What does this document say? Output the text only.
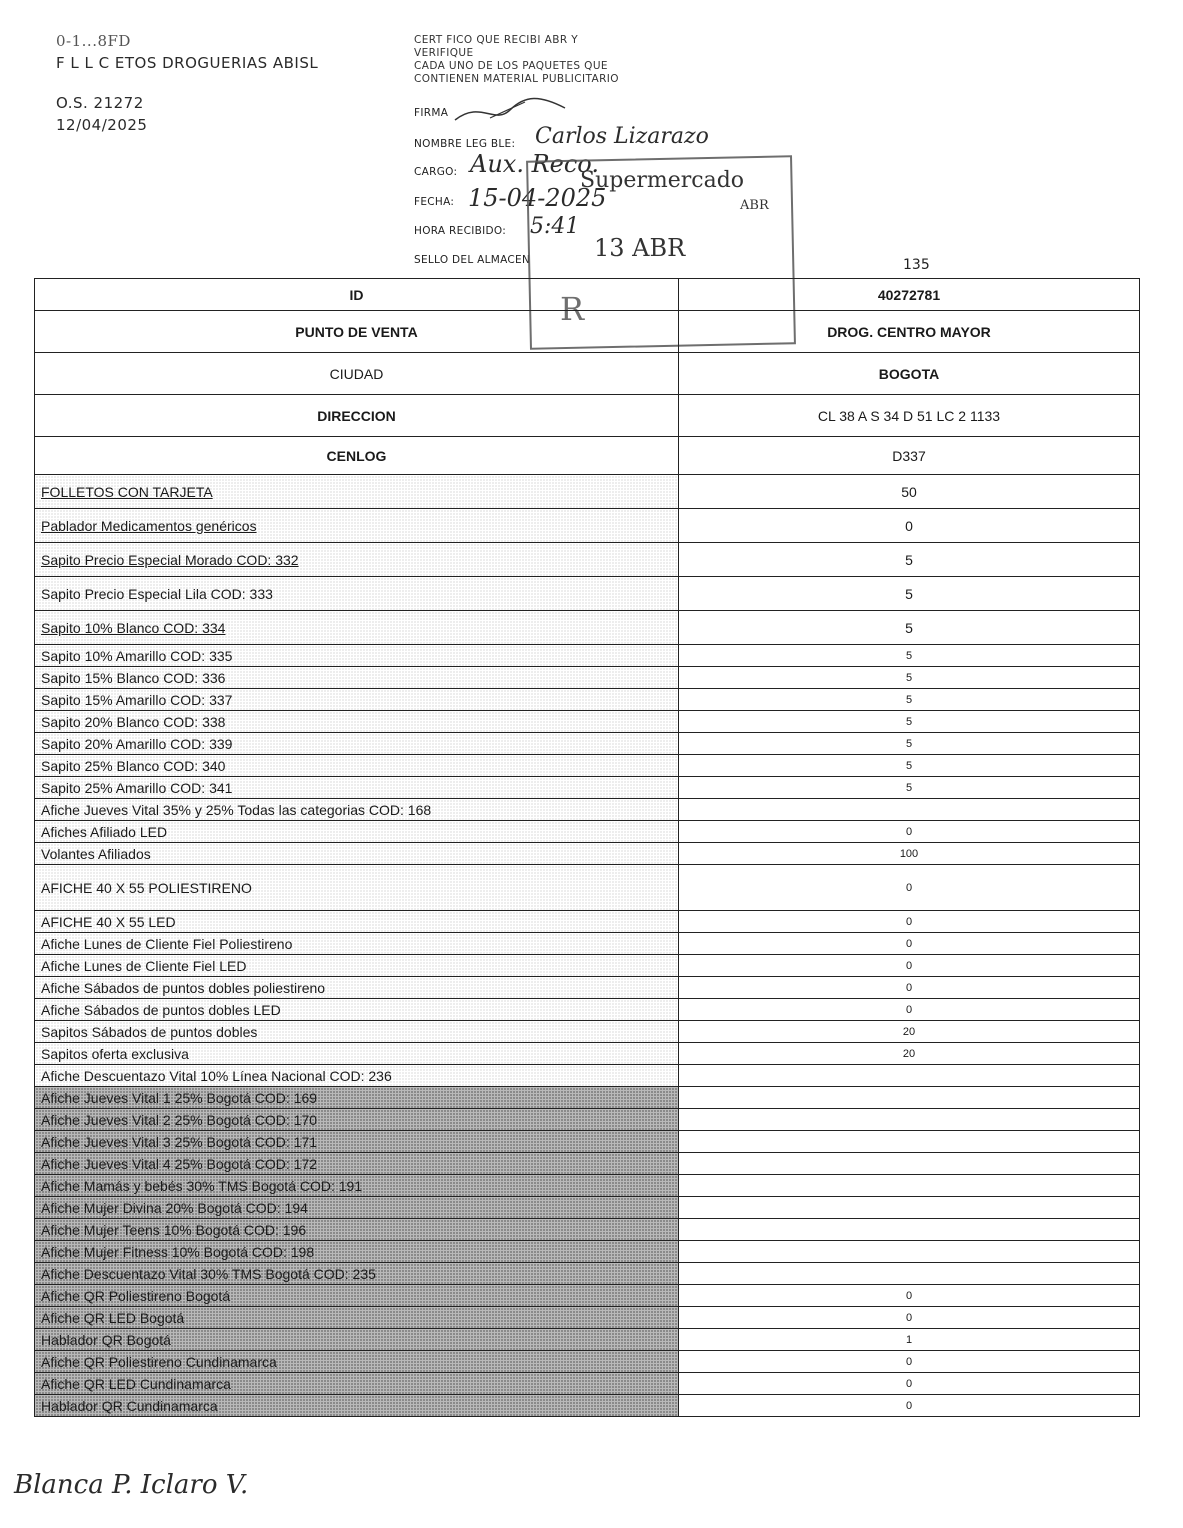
0-1...8FD
F L L C ETOS DROGUERIAS ABISL
O.S. 21272
12/04/2025
CERT FICO QUE RECIBI ABR Y
VERIFIQUE
CADA UNO DE LOS PAQUETES QUE
CONTIENEN MATERIAL PUBLICITARIO
FIRMA
NOMBRE LEG BLE: Carlos Lizarazo
CARGO: Aux. Reco.
FECHA: 15-04-2025
HORA RECIBIDO: 5:41
SELLO DEL ALMACEN
Supermercado
ABR
13 ABR
R
135
ID	40272781
PUNTO DE VENTA	DROG. CENTRO MAYOR
CIUDAD	BOGOTA
DIRECCION	CL 38 A S 34 D 51 LC 2 1133
CENLOG	D337
FOLLETOS CON TARJETA	50
Pablador Medicamentos genéricos	0
Sapito Precio Especial Morado COD: 332	5
Sapito Precio Especial Lila COD: 333	5
Sapito 10% Blanco COD: 334	5
Sapito 10% Amarillo COD: 335	5
Sapito 15% Blanco COD: 336	5
Sapito 15% Amarillo COD: 337	5
Sapito 20% Blanco COD: 338	5
Sapito 20% Amarillo COD: 339	5
Sapito 25% Blanco COD: 340	5
Sapito 25% Amarillo COD: 341	5
Afiche Jueves Vital 35% y 25% Todas las categorias COD: 168	
Afiches Afiliado LED	0
Volantes Afiliados	100
AFICHE 40 X 55 POLIESTIRENO	0
AFICHE 40 X 55 LED	0
Afiche Lunes de Cliente Fiel Poliestireno	0
Afiche Lunes de Cliente Fiel LED	0
Afiche Sábados de puntos dobles poliestireno	0
Afiche Sábados de puntos dobles LED	0
Sapitos Sábados de puntos dobles	20
Sapitos oferta exclusiva	20
Afiche Descuentazo Vital 10% Línea Nacional COD: 236	
Afiche Jueves Vital 1 25% Bogotá COD: 169	
Afiche Jueves Vital 2 25% Bogotá COD: 170	
Afiche Jueves Vital 3 25% Bogotá COD: 171	
Afiche Jueves Vital 4 25% Bogotá COD: 172	
Afiche Mamás y bebés 30% TMS Bogotá COD: 191	
Afiche Mujer Divina 20% Bogotá COD: 194	
Afiche Mujer Teens 10% Bogotá COD: 196	
Afiche Mujer Fitness 10% Bogotá COD: 198	
Afiche Descuentazo Vital 30% TMS Bogotá COD: 235	
Afiche QR Poliestireno Bogotá	0
Afiche QR LED Bogotá	0
Hablador QR Bogotá	1
Afiche QR Poliestireno Cundinamarca	0
Afiche QR LED Cundinamarca	0
Hablador QR Cundinamarca	0
Blanca P. Iclaro V.
